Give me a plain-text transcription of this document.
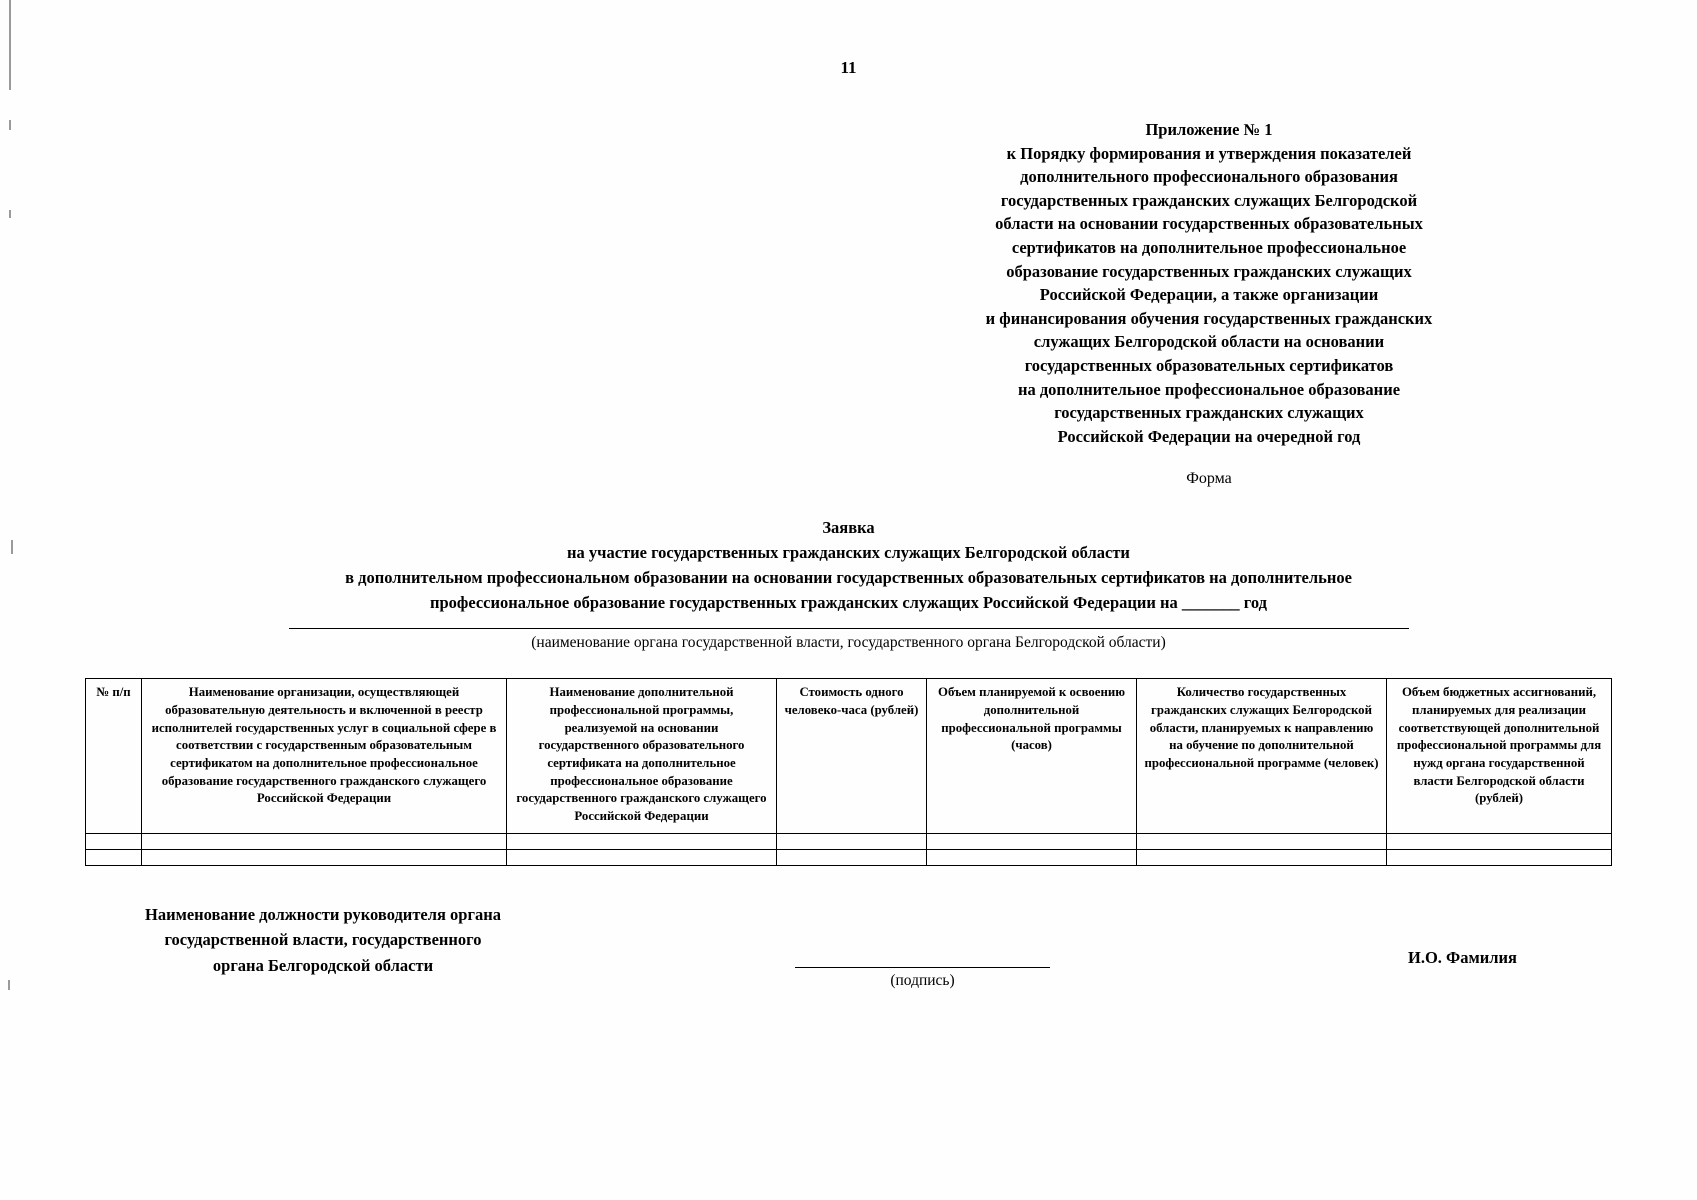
11
Приложение № 1
к Порядку формирования и утверждения показателей
дополнительного профессионального образования
государственных гражданских служащих Белгородской
области на основании государственных образовательных
сертификатов на дополнительное профессиональное
образование государственных гражданских служащих
Российской Федерации, а также организации
и финансирования обучения государственных гражданских
служащих Белгородской области на основании
государственных образовательных сертификатов
на дополнительное профессиональное образование
государственных гражданских служащих
Российской Федерации на очередной год
Форма
Заявка
на участие государственных гражданских служащих Белгородской области
в дополнительном профессиональном образовании на основании государственных образовательных сертификатов на дополнительное
профессиональное образование государственных гражданских служащих Российской Федерации на _______ год
(наименование органа государственной власти, государственного органа Белгородской области)
№ п/п	Наименование организации, осуществляющей образовательную деятельность и включенной в реестр исполнителей государственных услуг в социальной сфере в соответствии с государственным образовательным сертификатом на дополнительное профессиональное образование государственного гражданского служащего Российской Федерации	Наименование дополнительной профессиональной программы, реализуемой на основании государственного образовательного сертификата на дополнительное профессиональное образование государственного гражданского служащего Российской Федерации	Стоимость одного человеко-часа (рублей)	Объем планируемой к освоению дополнительной профессиональной программы (часов)	Количество государственных гражданских служащих Белгородской области, планируемых к направлению на обучение по дополнительной профессиональной программе (человек)	Объем бюджетных ассигнований, планируемых для реализации соответствующей дополнительной профессиональной программы для нужд органа государственной власти Белгородской области (рублей)

Наименование должности руководителя органа
государственной власти, государственного
органа Белгородской области
(подпись)
И.О. Фамилия
